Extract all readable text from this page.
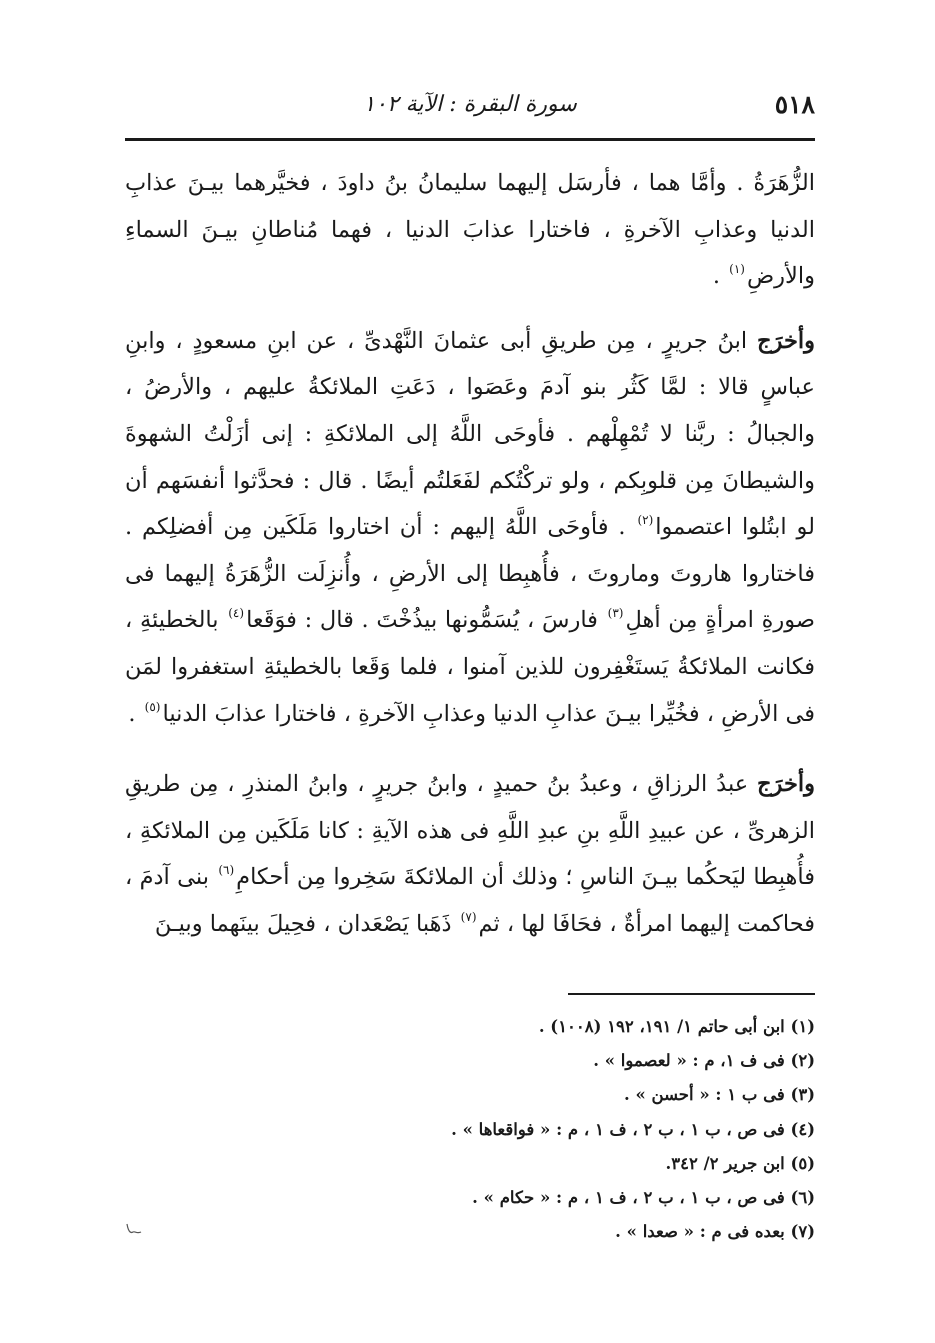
٥١٨
سورة البقرة : الآية ١٠٢

الزُّهَرَةُ . وأمَّا هما ، فأرسَل إليهما سليمانُ بنُ داودَ ، فخيَّرهما بيـنَ عذابِ الدنيا وعذابِ الآخرةِ ، فاختارا عذابَ الدنيا ، فهما مُناطانِ بيـنَ السماءِ والأرضِ$^{(١)}$ .

وأخرَج ابنُ جريرٍ ، مِن طريقِ أبى عثمانَ النَّهْدىِّ ، عن ابنِ مسعودٍ ، وابنِ عباسٍ قالا : لمَّا كَثُر بنو آدمَ وعَصَوا ، دَعَتِ الملائكةُ عليهم ، والأرضُ ، والجبالُ : ربَّنا لا تُمْهِلْهم . فأوحَى اللَّهُ إلى الملائكةِ : إنى أزَلْتُ الشهوةَ والشيطانَ مِن قلوبِكم ، ولو تركْتُكم لفَعَلتُم أيضًا . قال : فحدَّثوا أنفسَهم أن لو ابتُلوا اعتصموا$^{(٢)}$ . فأوحَى اللَّهُ إليهم : أن اختاروا مَلَكَين مِن أفضلِكم . فاختاروا هاروتَ وماروتَ ، فأُهبِطا إلى الأرضِ ، وأُنزِلَت الزُّهَرَةُ إليهما فى صورةِ امرأةٍ مِن أهلِ$^{(٣)}$ فارسَ ، يُسَمُّونها بيذُخْتَ . قال : فوَقَعا$^{(٤)}$ بالخطيئةِ ، فكانت الملائكةُ يَستَغْفِرون للذين آمنوا ، فلما وَقَعا بالخطيئةِ استغفروا لمَن فى الأرضِ ، فخُيِّرا بيـنَ عذابِ الدنيا وعذابِ الآخرةِ ، فاختارا عذابَ الدنيا$^{(٥)}$ .

وأخرَج عبدُ الرزاقِ ، وعبدُ بنُ حميدٍ ، وابنُ جريرٍ ، وابنُ المنذرِ ، مِن طريقِ الزهرىِّ ، عن عبيدِ اللَّهِ بنِ عبدِ اللَّهِ فى هذه الآيةِ : كانا مَلَكَين مِن الملائكةِ ، فأُهبِطا ليَحكُما بيـنَ الناسِ ؛ وذلك أن الملائكةَ سَخِروا مِن أحكامِ$^{(٦)}$ بنى آدمَ ، فحاكمت إليهما امرأةٌ ، فحَافَا لها ، ثم$^{(٧)}$ ذَهَبا يَصْعَدان ، فحِيلَ بينَهما وبيـنَ

(١) ابن أبى حاتم ١/ ١٩١، ١٩٢ (١٠٠٨) .

(٢) فى ف ١، م : « لعصموا » .

(٣) فى ب ١ : « أحسن » .

(٤) فى ص ، ب ١ ، ب ٢ ، ف ١ ، م : « فواقعاها » .

(٥) ابن جرير ٢/ ٣٤٢.

(٦) فى ص ، ب ١ ، ب ٢ ، ف ١ ، م : « حكام » .

(٧) بعده فى م : « صعدا » .
